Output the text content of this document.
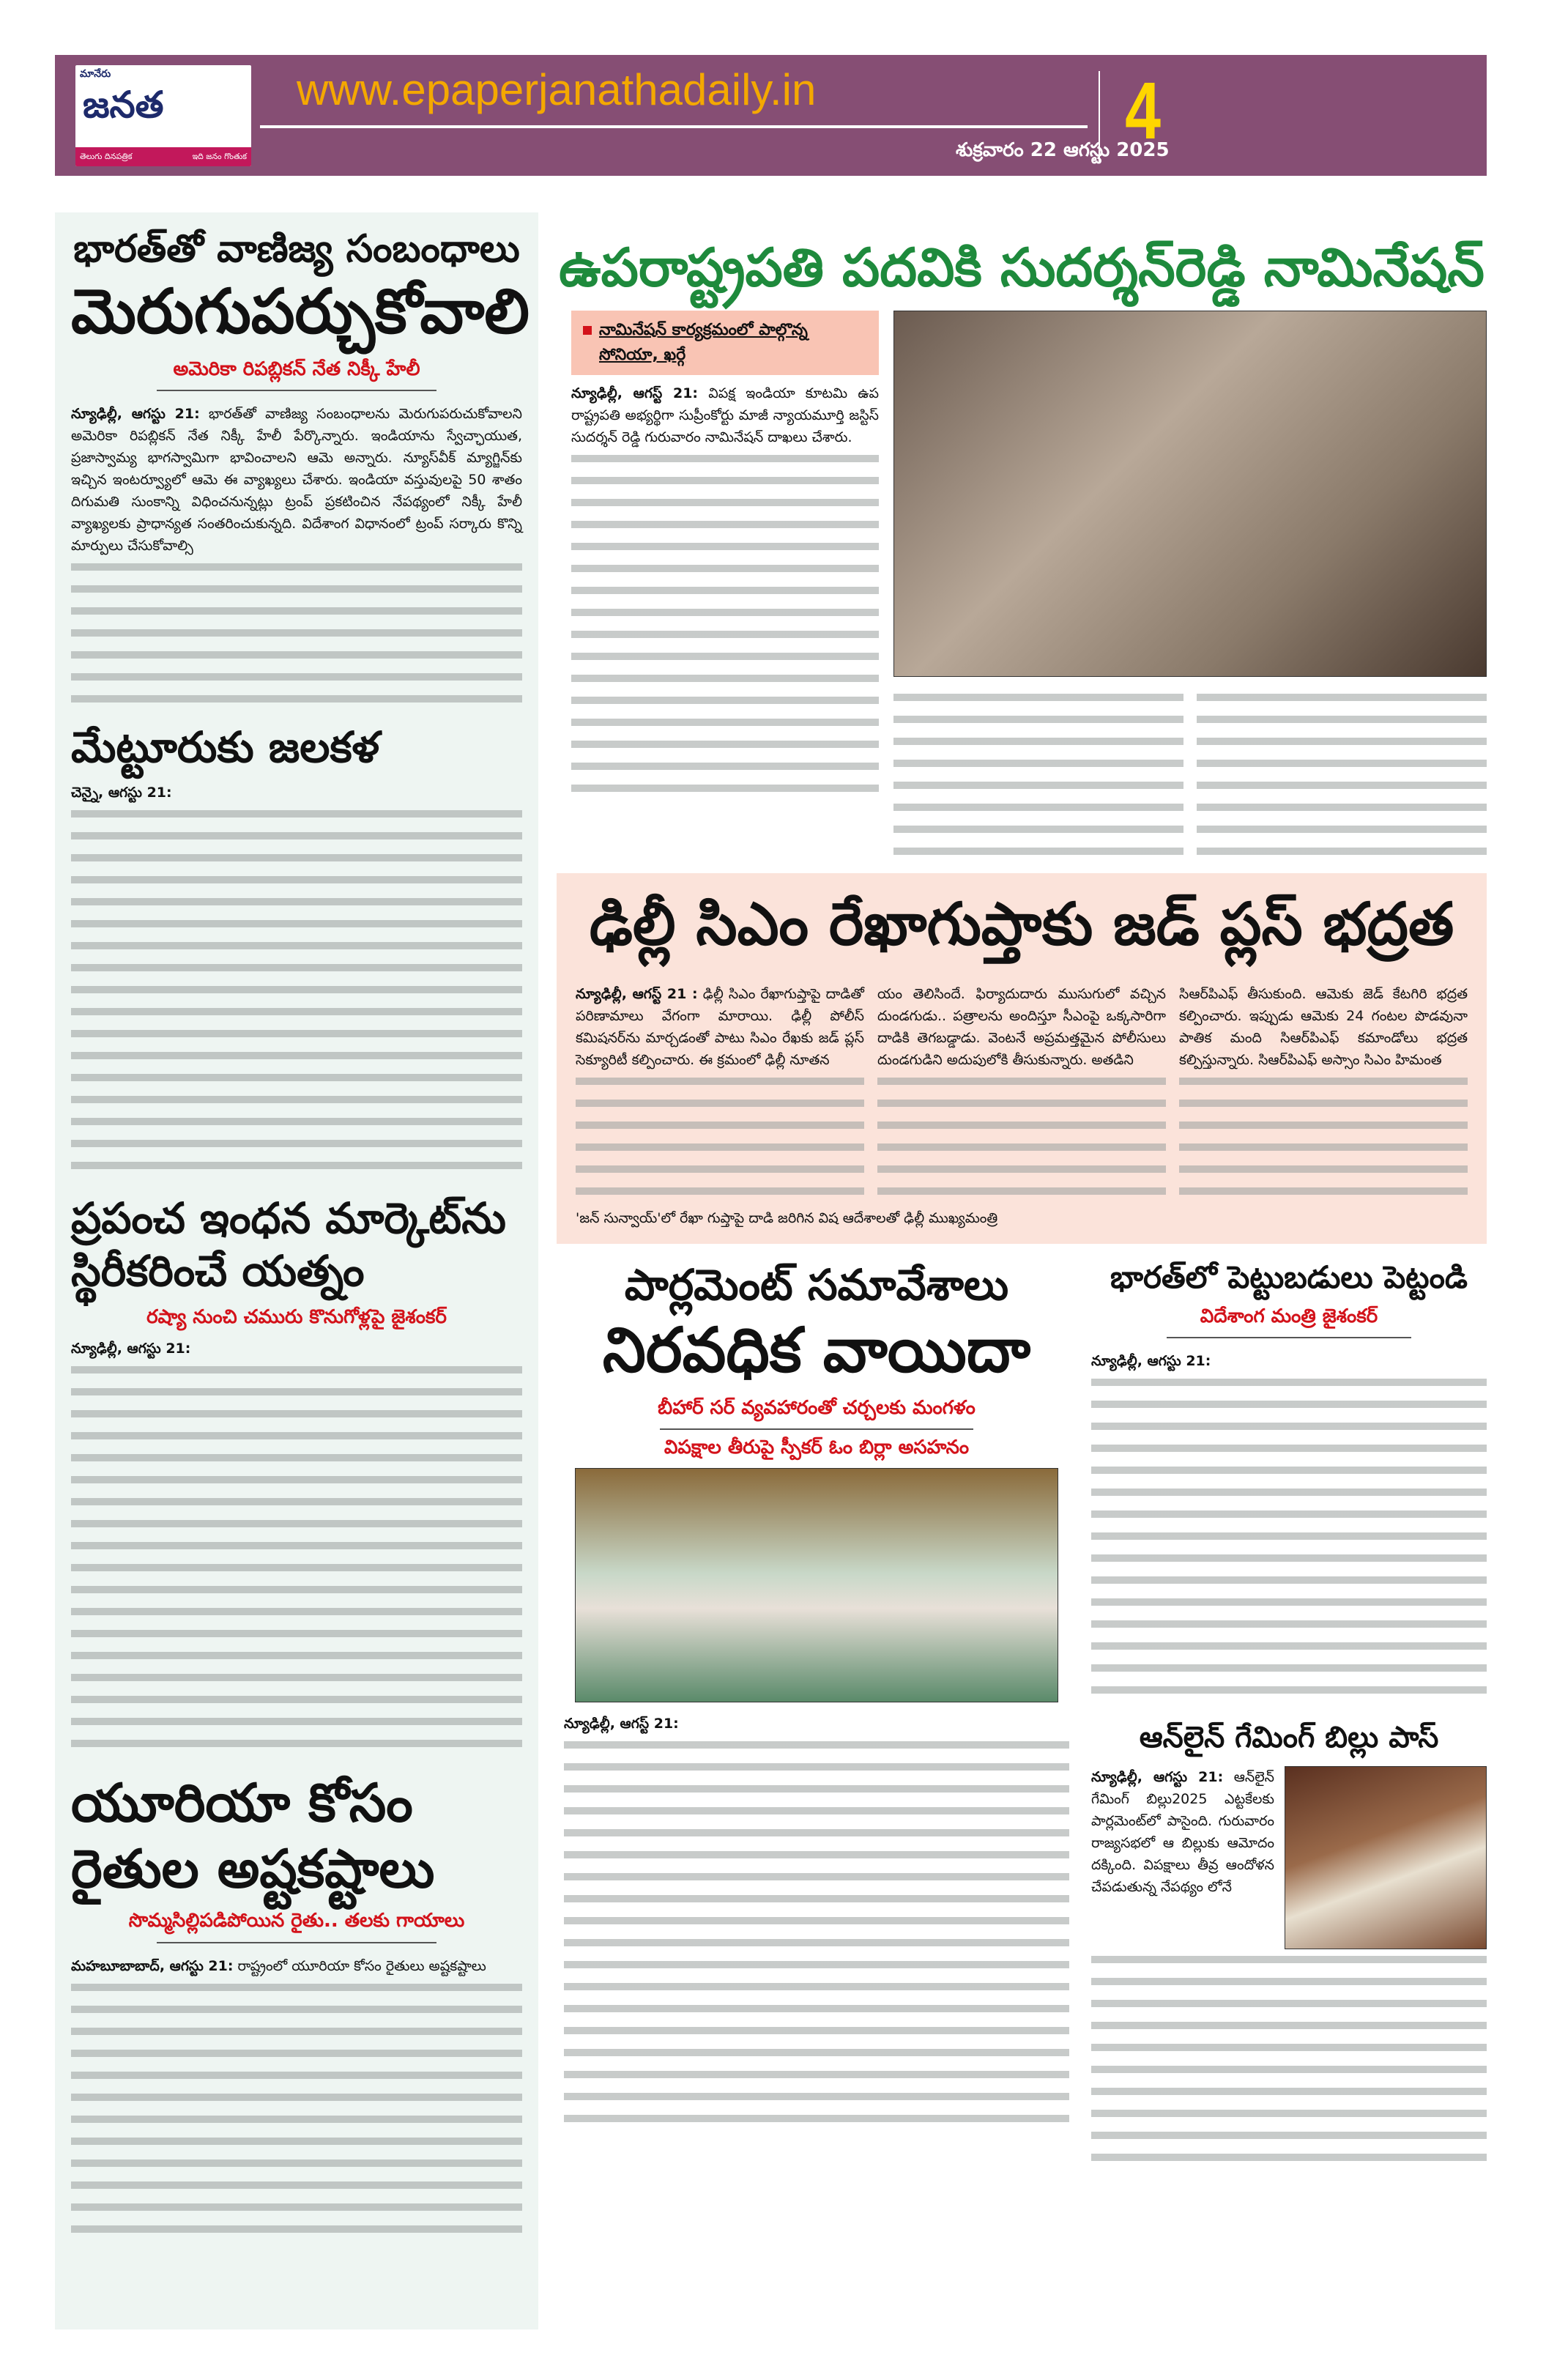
మానేరు
జనత
తెలుగు దినపత్రిక	ఇది జనం గొంతుక
www.epaperjanathadaily.in
శుక్రవారం 22 ఆగస్టు 2025
4
భారత్‌తో వాణిజ్య సంబంధాలు
మెరుగుపర్చుకోవాలి
అమెరికా రిపబ్లికన్ నేత నిక్కీ హేలీ

న్యూఢిల్లీ, ఆగస్టు 21: భారత్‌తో వాణిజ్య సంబంధాలను మెరుగుపరుచుకోవాలని అమెరికా రిపబ్లికన్ నేత నిక్కీ హేలీ పేర్కొన్నారు. ఇండియాను స్వేచ్ఛాయుత, ప్రజాస్వామ్య భాగస్వామిగా భావించాలని ఆమె అన్నారు. న్యూస్‌వీక్ మ్యాగ్జిన్‌కు ఇచ్చిన ఇంటర్వ్యూలో ఆమె ఈ వ్యాఖ్యలు చేశారు. ఇండియా వస్తువులపై 50 శాతం దిగుమతి సుంకాన్ని విధించనున్నట్లు ట్రంప్ ప్రకటించిన నేపథ్యంలో నిక్కీ హేలీ వ్యాఖ్యలకు ప్రాధాన్యత సంతరించుకున్నది. విదేశాంగ విధానంలో ట్రంప్ సర్కారు కొన్ని మార్పులు చేసుకోవాల్సి

మేట్టూరుకు జలకళ

చెన్నై, ఆగస్టు 21:

ప్రపంచ ఇంధన మార్కెట్‌ను స్థిరీకరించే యత్నం
రష్యా నుంచి చమురు కొనుగోళ్లపై జైశంకర్

న్యూఢిల్లీ, ఆగస్టు 21:

యూరియా కోసం
రైతుల అష్టకష్టాలు
సొమ్మసిల్లిపడిపోయిన రైతు.. తలకు గాయాలు

మహబూబాబాద్, ఆగస్టు 21: రాష్ట్రంలో యూరియా కోసం రైతులు అష్టకష్టాలు

ఉపరాష్ట్రపతి పదవికి సుదర్శన్‌రెడ్డి నామినేషన్
నామినేషన్ కార్యక్రమంలో పాల్గొన్న సోనియా, ఖర్గే

న్యూఢిల్లీ, ఆగస్ట్ 21: విపక్ష ఇండియా కూటమి ఉప రాష్ట్రపతి అభ్యర్థిగా సుప్రీంకోర్టు మాజీ న్యాయమూర్తి జస్టిస్ సుదర్శన్ రెడ్డి గురువారం నామినేషన్ దాఖలు చేశారు.

ఢిల్లీ సిఎం రేఖాగుప్తాకు జడ్ ప్లస్ భద్రత

న్యూఢిల్లీ, ఆగస్ట్ 21 : ఢిల్లీ సిఎం రేఖాగుప్తాపై దాడితో పరిణామాలు వేగంగా మారాయి. ఢిల్లీ పోలీస్ కమిషనర్‌ను మార్చడంతో పాటు సిఎం రేఖకు జడ్ ప్లస్ సెక్యూరిటీ కల్పించారు. ఈ క్రమంలో ఢిల్లీ నూతన

యం తెలిసిందే. ఫిర్యాదుదారు ముసుగులో వచ్చిన దుండగుడు.. పత్రాలను అందిస్తూ సీఎంపై ఒక్కసారిగా దాడికి తెగబడ్డాడు. వెంటనే అప్రమత్తమైన పోలీసులు దుండగుడిని అదుపులోకి తీసుకున్నారు. అతడిని

సిఆర్‌పిఎఫ్ తీసుకుంది. ఆమెకు జెడ్ కేటగిరి భద్రత కల్పించారు. ఇప్పుడు ఆమెకు 24 గంటల పొడవునా పాతిక మంది సిఆర్‌పిఎఫ్ కమాండోలు భద్రత కల్పిస్తున్నారు. సిఆర్‌పిఎఫ్ అస్సాం సిఎం హిమంత

'జన్ సున్వాయ్'లో రేఖా గుప్తాపై దాడి జరిగిన విష ఆదేశాలతో ఢిల్లీ ముఖ్యమంత్రి

పార్లమెంట్ సమావేశాలు
నిరవధిక వాయిదా
బీహార్ సర్ వ్యవహారంతో చర్చలకు మంగళం
విపక్షాల తీరుపై స్పీకర్ ఓం బిర్లా అసహనం

న్యూఢిల్లీ, ఆగస్ట్ 21:

భారత్‌లో పెట్టుబడులు పెట్టండి
విదేశాంగ మంత్రి జైశంకర్

న్యూఢిల్లీ, ఆగస్టు 21:

ఆన్‌లైన్ గేమింగ్ బిల్లు పాస్

న్యూఢిల్లీ, ఆగస్టు 21: ఆన్‌లైన్ గేమింగ్ బిల్లు2025 ఎట్టకేలకు పార్లమెంట్‌లో పాసైంది. గురువారం రాజ్యసభలో ఆ బిల్లుకు ఆమోదం దక్కింది. విపక్షాలు తీవ్ర ఆందోళన చేపడుతున్న నేపథ్యం లోనే
